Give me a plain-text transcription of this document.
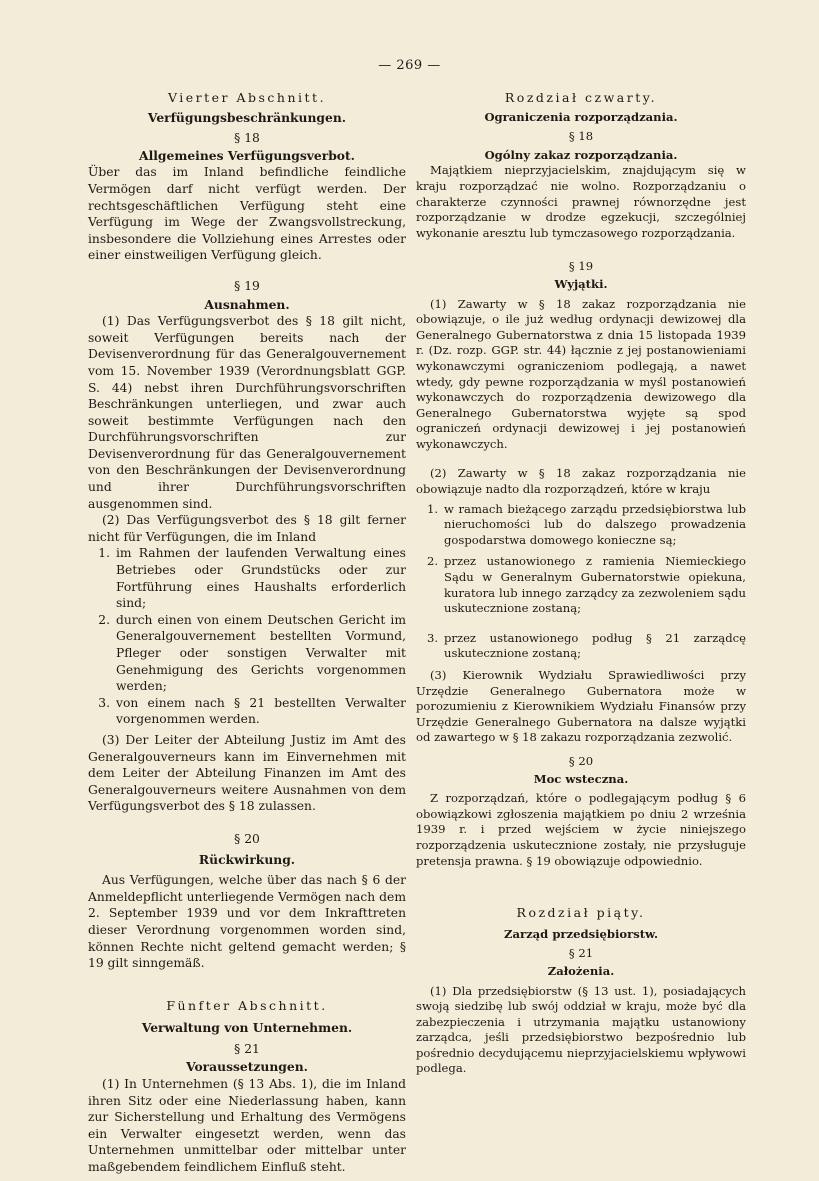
— 269 —

Vierter Abschnitt.

Verfügungsbeschränkungen.

§ 18

Allgemeines Verfügungsverbot.

Über das im Inland befindliche feindliche Vermögen darf nicht verfügt werden. Der rechtsgeschäftlichen Verfügung steht eine Verfügung im Wege der Zwangsvollstreckung, insbesondere die Vollziehung eines Arrestes oder einer einstweiligen Verfügung gleich.

§ 19

Ausnahmen.

(1) Das Verfügungsverbot des § 18 gilt nicht, soweit Verfügungen bereits nach der Devisenverordnung für das Generalgouvernement vom 15. November 1939 (Verordnungsblatt GGP. S. 44) nebst ihren Durchführungsvorschriften Beschränkungen unterliegen, und zwar auch soweit bestimmte Verfügungen nach den Durchführungsvorschriften zur Devisenverordnung für das Generalgouvernement von den Beschränkungen der Devisenverordnung und ihrer Durchführungsvorschriften ausgenommen sind.

(2) Das Verfügungsverbot des § 18 gilt ferner nicht für Verfügungen, die im Inland

1. im Rahmen der laufenden Verwaltung eines Betriebes oder Grundstücks oder zur Fortführung eines Haushalts erforderlich sind;
2. durch einen von einem Deutschen Gericht im Generalgouvernement bestellten Vormund, Pfleger oder sonstigen Verwalter mit Genehmigung des Gerichts vorgenommen werden;
3. von einem nach § 21 bestellten Verwalter vorgenommen werden.

(3) Der Leiter der Abteilung Justiz im Amt des Generalgouverneurs kann im Einvernehmen mit dem Leiter der Abteilung Finanzen im Amt des Generalgouverneurs weitere Ausnahmen von dem Verfügungsverbot des § 18 zulassen.

§ 20

Rückwirkung.

Aus Verfügungen, welche über das nach § 6 der Anmeldepflicht unterliegende Vermögen nach dem 2. September 1939 und vor dem Inkrafttreten dieser Verordnung vorgenommen worden sind, können Rechte nicht geltend gemacht werden; § 19 gilt sinngemäß.

Fünfter Abschnitt.

Verwaltung von Unternehmen.

§ 21

Voraussetzungen.

(1) In Unternehmen (§ 13 Abs. 1), die im Inland ihren Sitz oder eine Niederlassung haben, kann zur Sicherstellung und Erhaltung des Vermögens ein Verwalter eingesetzt werden, wenn das Unternehmen unmittelbar oder mittelbar unter maßgebendem feindlichem Einfluß steht.

Rozdział czwarty.

Ograniczenia rozporządzania.

§ 18

Ogólny zakaz rozporządzania.

Majątkiem nieprzyjacielskim, znajdującym się w kraju rozporządzać nie wolno. Rozporządzaniu o charakterze czynności prawnej równorzędne jest rozporządzanie w drodze egzekucji, szczególniej wykonanie aresztu lub tymczasowego rozporządzania.

§ 19

Wyjątki.

(1) Zawarty w § 18 zakaz rozporządzania nie obowiązuje, o ile już według ordynacji dewizowej dla Generalnego Gubernatorstwa z dnia 15 listopada 1939 r. (Dz. rozp. GGP. str. 44) łącznie z jej postanowieniami wykonawczymi ograniczeniom podlegają, a nawet wtedy, gdy pewne rozporządzania w myśl postanowień wykonawczych do rozporządzenia dewizowego dla Generalnego Gubernatorstwa wyjęte są spod ograniczeń ordynacji dewizowej i jej postanowień wykonawczych.

(2) Zawarty w § 18 zakaz rozporządzania nie obowiązuje nadto dla rozporządzeń, które w kraju

1. w ramach bieżącego zarządu przedsiębiorstwa lub nieruchomości lub do dalszego prowadzenia gospodarstwa domowego konieczne są;
2. przez ustanowionego z ramienia Niemieckiego Sądu w Generalnym Gubernatorstwie opiekuna, kuratora lub innego zarządcy za zezwoleniem sądu uskutecznione zostaną;
3. przez ustanowionego podług § 21 zarządcę uskutecznione zostaną;

(3) Kierownik Wydziału Sprawiedliwości przy Urzędzie Generalnego Gubernatora może w porozumieniu z Kierownikiem Wydziału Finansów przy Urzędzie Generalnego Gubernatora na dalsze wyjątki od zawartego w § 18 zakazu rozporządzania zezwolić.

§ 20

Moc wsteczna.

Z rozporządzań, które o podlegającym podług § 6 obowiązkowi zgłoszenia majątkiem po dniu 2 września 1939 r. i przed wejściem w życie niniejszego rozporządzenia uskutecznione zostały, nie przysługuje pretensja prawna. § 19 obowiązuje odpowiednio.

Rozdział piąty.

Zarząd przedsiębiorstw.

§ 21

Założenia.

(1) Dla przedsiębiorstw (§ 13 ust. 1), posiadających swoją siedzibę lub swój oddział w kraju, może być dla zabezpieczenia i utrzymania majątku ustanowiony zarządca, jeśli przedsiębiorstwo bezpośrednio lub pośrednio decydującemu nieprzyjacielskiemu wpływowi podlega.
